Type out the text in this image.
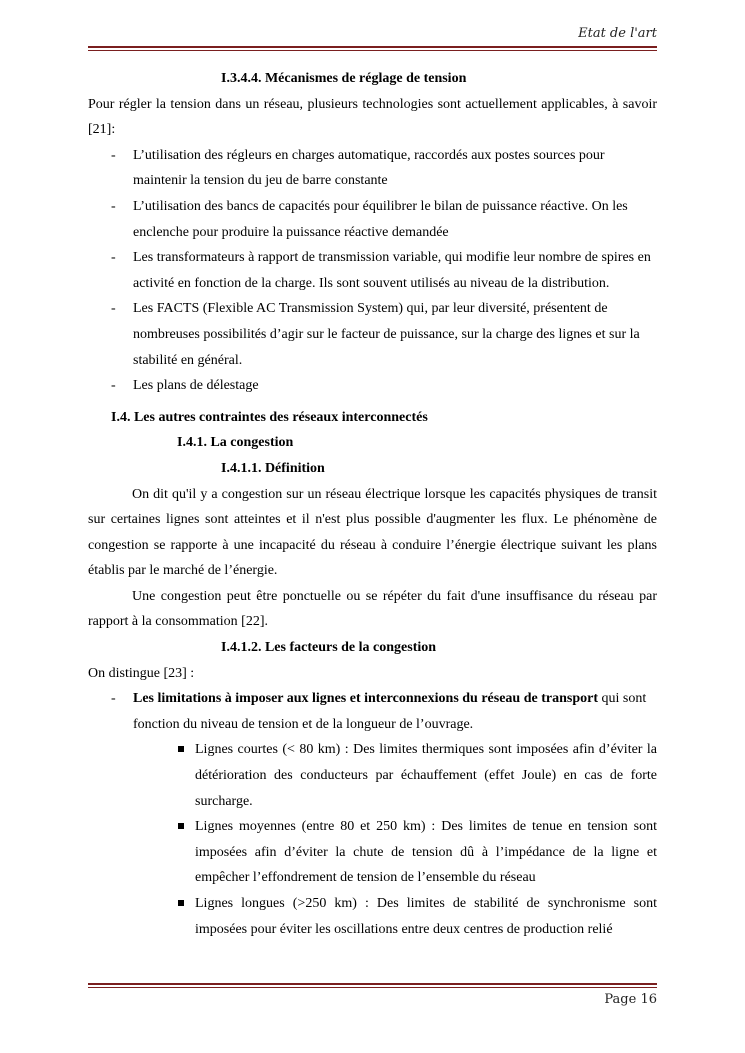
Etat de l'art
I.3.4.4. Mécanismes de réglage de tension

Pour régler la tension dans un réseau, plusieurs technologies sont actuellement applicables, à savoir [21]:

- L’utilisation des régleurs en charges automatique, raccordés aux postes sources pour maintenir la tension du jeu de barre constante
- L’utilisation des bancs de capacités pour équilibrer le bilan de puissance réactive. On les enclenche pour produire la puissance réactive demandée
- Les transformateurs à rapport de transmission variable, qui modifie leur nombre de spires en activité en fonction de la charge. Ils sont souvent utilisés au niveau de la distribution.
- Les FACTS (Flexible AC Transmission System) qui, par leur diversité, présentent de nombreuses possibilités d’agir sur le facteur de puissance, sur la charge des lignes et sur la stabilité en général.
- Les plans de délestage
I.4. Les autres contraintes des réseaux interconnectés
I.4.1. La congestion
I.4.1.1. Définition

On dit qu'il y a congestion sur un réseau électrique lorsque les capacités physiques de transit sur certaines lignes sont atteintes et il n'est plus possible d'augmenter les flux. Le phénomène de congestion se rapporte à une incapacité du réseau à conduire l’énergie électrique suivant les plans établis par le marché de l’énergie.

Une congestion peut être ponctuelle ou se répéter du fait d'une insuffisance du réseau par rapport à la consommation [22].

I.4.1.2. Les facteurs de la congestion

On distingue [23] :

- Les limitations à imposer aux lignes et interconnexions du réseau de transport qui sont fonction du niveau de tension et de la longueur de l’ouvrage.
Lignes courtes (< 80 km) : Des limites thermiques sont imposées afin d’éviter la détérioration des conducteurs par échauffement (effet Joule) en cas de forte surcharge.
Lignes moyennes (entre 80 et 250 km) : Des limites de tenue en tension sont imposées afin d’éviter la chute de tension dû à l’impédance de la ligne et empêcher l’effondrement de tension de l’ensemble du réseau
Lignes longues (>250 km) : Des limites de stabilité de synchronisme sont imposées pour éviter les oscillations entre deux centres de production relié
Page 16
